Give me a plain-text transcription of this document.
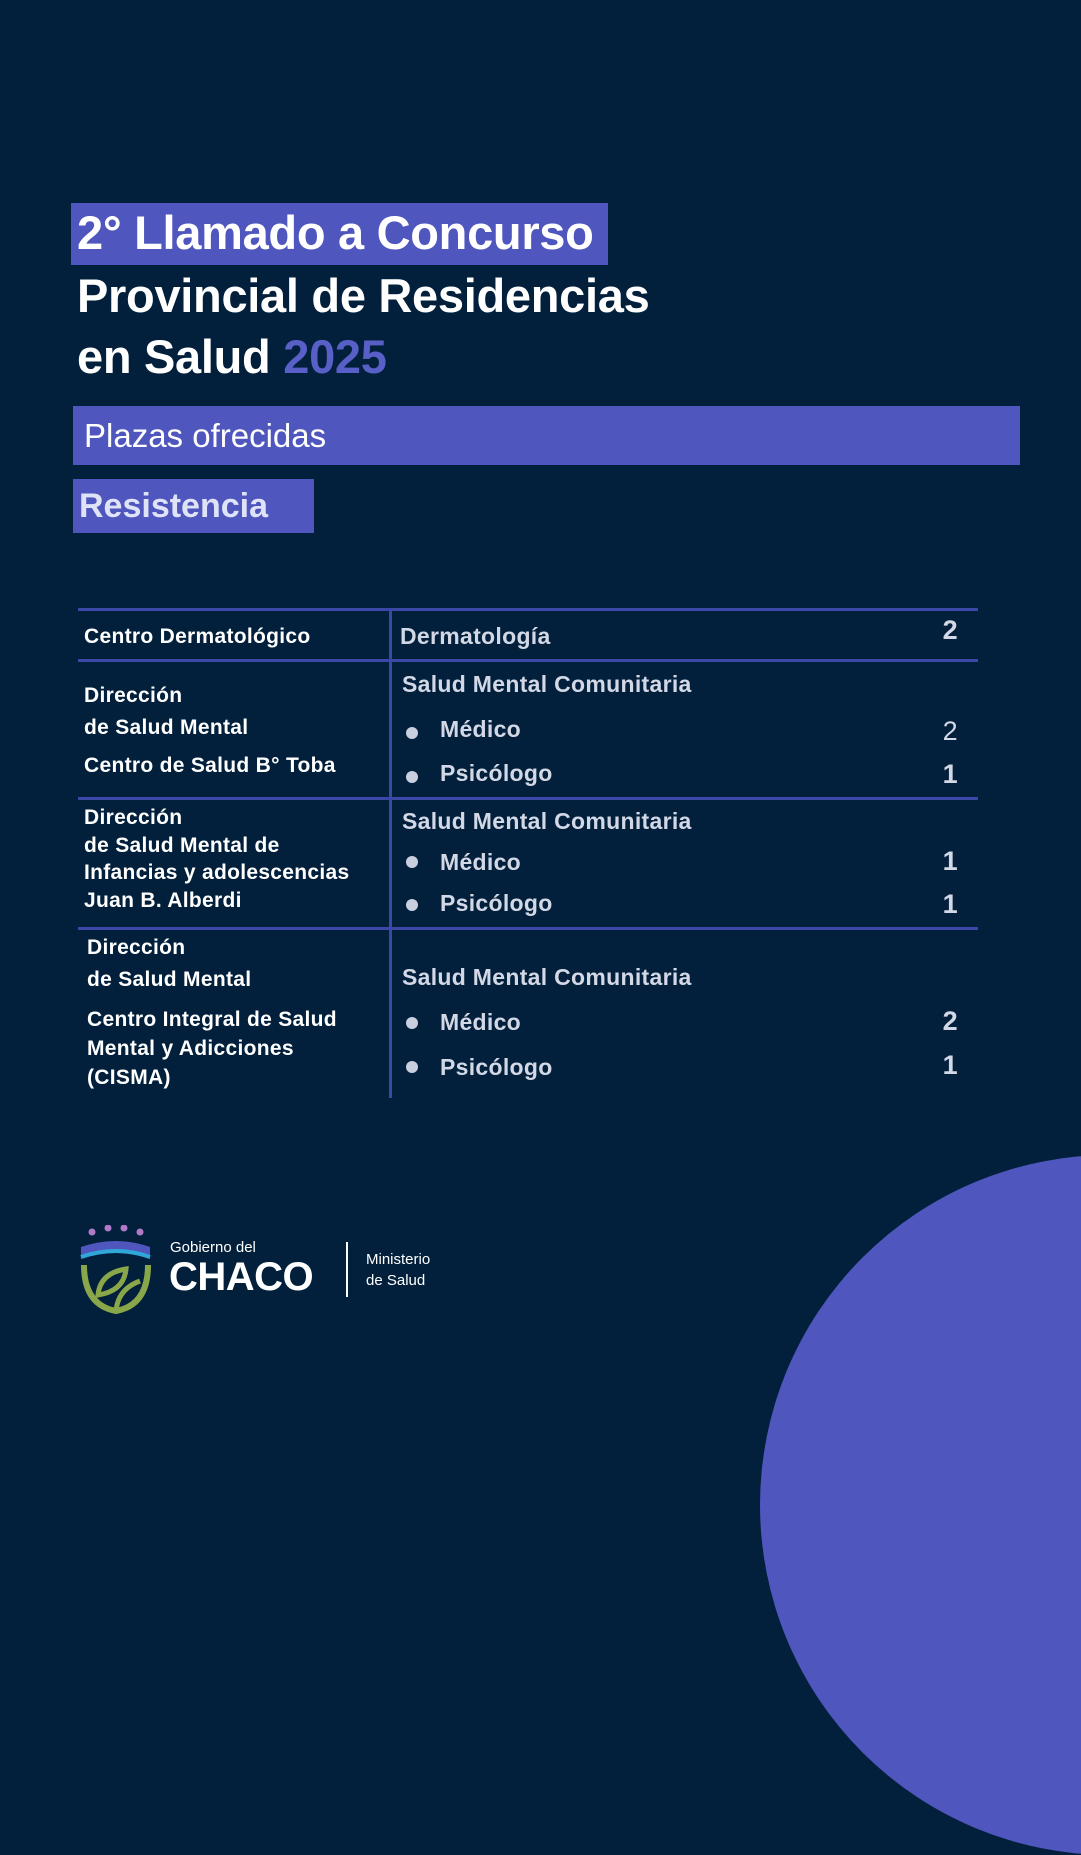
2° Llamado a Concurso
Provincial de Residencias
en Salud 2025
Plazas ofrecidas
Resistencia
Centro Dermatológico	Dermatología	2
Dirección
de Salud Mental
Centro de Salud B° Toba
Salud Mental Comunitaria
Médico	2
Psicólogo	1
Dirección
de Salud Mental de
Infancias y adolescencias
Juan B. Alberdi
Salud Mental Comunitaria
Médico	1
Psicólogo	1
Dirección
de Salud Mental
Centro Integral de Salud
Mental y Adicciones
(CISMA)
Salud Mental Comunitaria
Médico	2
Psicólogo	1
Gobierno del
CHACO	Ministerio
de Salud
